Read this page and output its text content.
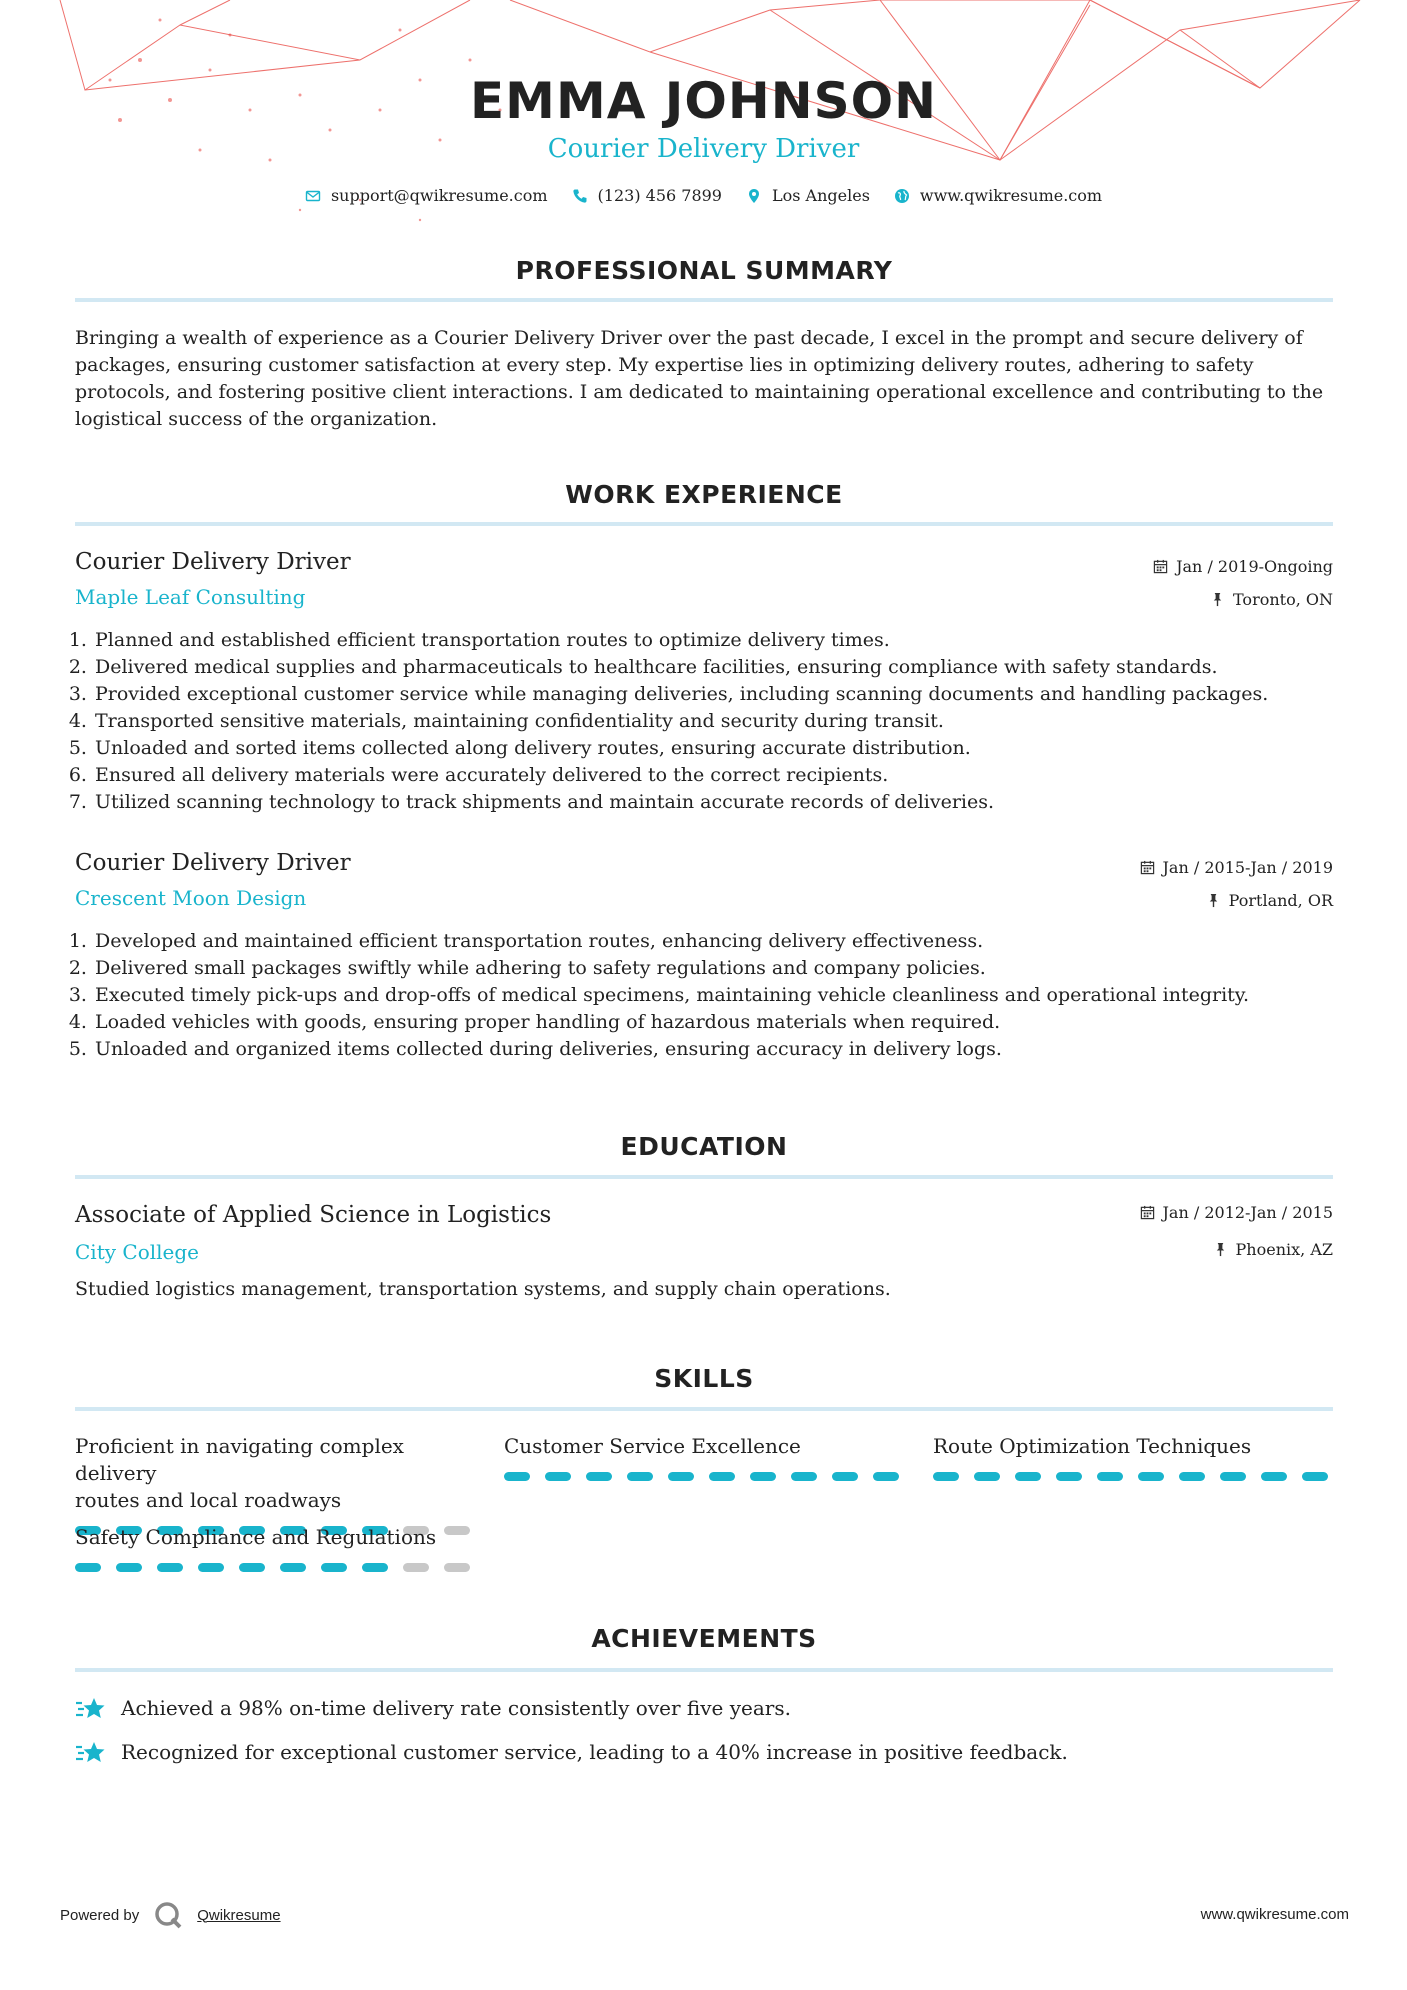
EMMA JOHNSON
Courier Delivery Driver
support@qwikresume.com	(123) 456 7899	Los Angeles	www.qwikresume.com
PROFESSIONAL SUMMARY
Bringing a wealth of experience as a Courier Delivery Driver over the past decade, I excel in the prompt and secure delivery of
packages, ensuring customer satisfaction at every step. My expertise lies in optimizing delivery routes, adhering to safety
protocols, and fostering positive client interactions. I am dedicated to maintaining operational excellence and contributing to the
logistical success of the organization.
WORK EXPERIENCE
Courier Delivery Driver
Maple Leaf Consulting
Jan / 2019-Ongoing
Toronto, ON
1. Planned and established efficient transportation routes to optimize delivery times.
2. Delivered medical supplies and pharmaceuticals to healthcare facilities, ensuring compliance with safety standards.
3. Provided exceptional customer service while managing deliveries, including scanning documents and handling packages.
4. Transported sensitive materials, maintaining confidentiality and security during transit.
5. Unloaded and sorted items collected along delivery routes, ensuring accurate distribution.
6. Ensured all delivery materials were accurately delivered to the correct recipients.
7. Utilized scanning technology to track shipments and maintain accurate records of deliveries.
Courier Delivery Driver
Crescent Moon Design
Jan / 2015-Jan / 2019
Portland, OR
1. Developed and maintained efficient transportation routes, enhancing delivery effectiveness.
2. Delivered small packages swiftly while adhering to safety regulations and company policies.
3. Executed timely pick-ups and drop-offs of medical specimens, maintaining vehicle cleanliness and operational integrity.
4. Loaded vehicles with goods, ensuring proper handling of hazardous materials when required.
5. Unloaded and organized items collected during deliveries, ensuring accuracy in delivery logs.
EDUCATION
Associate of Applied Science in Logistics
City College
Jan / 2012-Jan / 2015
Phoenix, AZ
Studied logistics management, transportation systems, and supply chain operations.
SKILLS
Proficient in navigating complex delivery
routes and local roadways
Customer Service Excellence	Route Optimization Techniques
Safety Compliance and Regulations
ACHIEVEMENTS
Achieved a 98% on-time delivery rate consistently over five years.
Recognized for exceptional customer service, leading to a 40% increase in positive feedback.
Powered by	Qwikresume	www.qwikresume.com
